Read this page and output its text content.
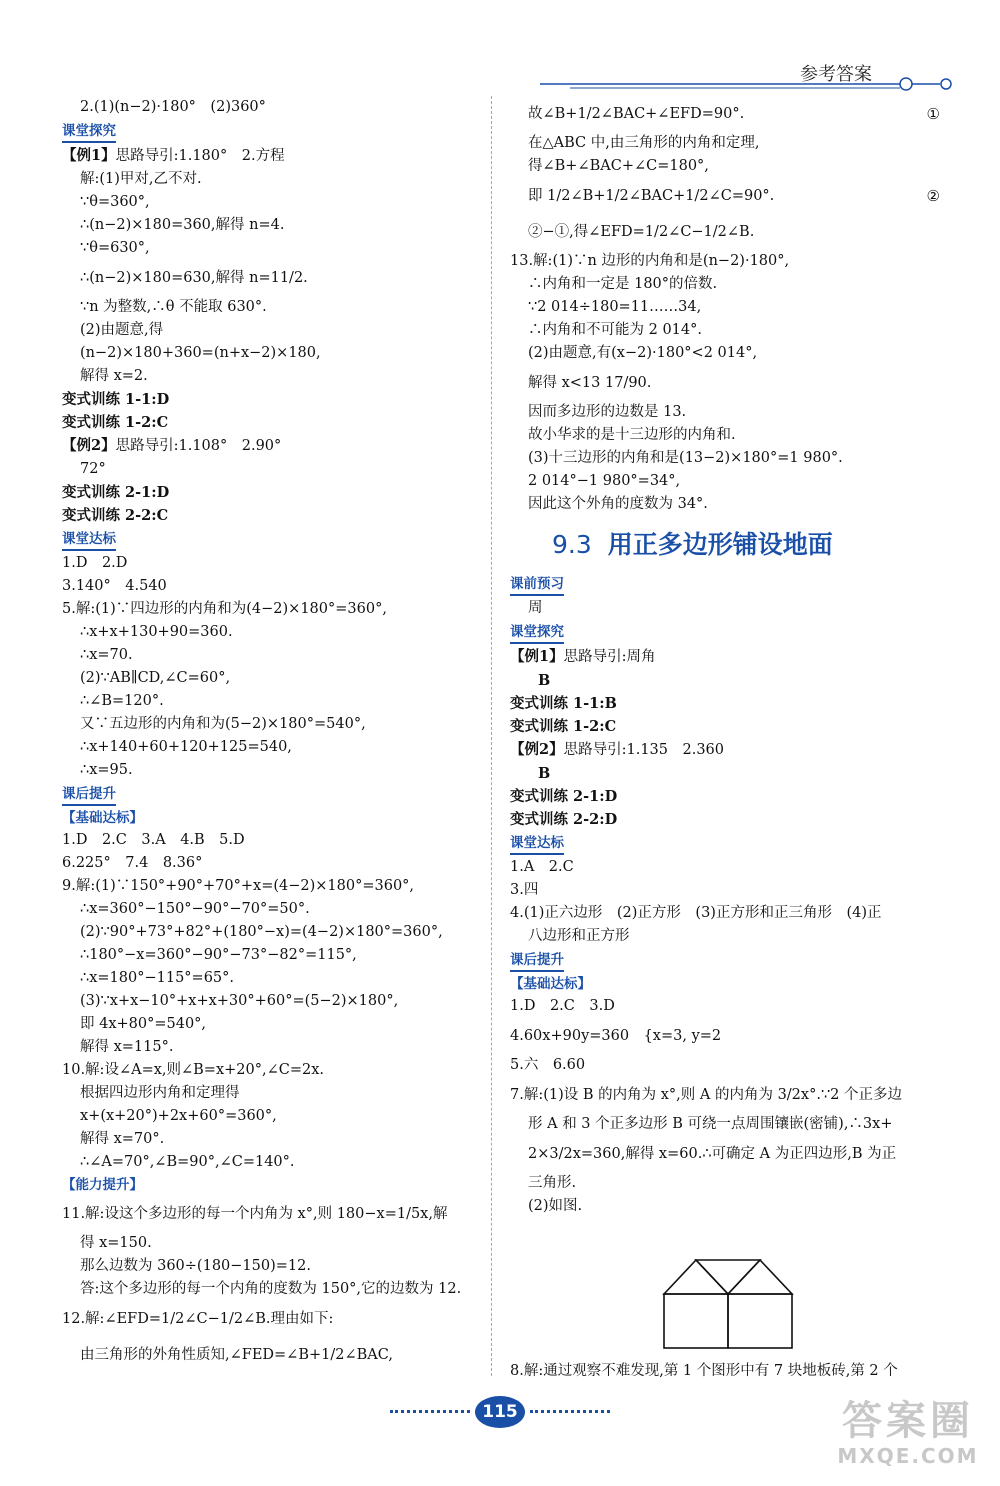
参考答案
2.(1)(n−2)·180°　(2)360°
课堂探究
【例1】思路导引:1.180°　2.方程
解:(1)甲对,乙不对.
∵θ=360°,
∴(n−2)×180=360,解得 n=4.
∵θ=630°,
∴(n−2)×180=630,解得 n=11/2.
∵n 为整数,∴θ 不能取 630°.
(2)由题意,得
(n−2)×180+360=(n+x−2)×180,
解得 x=2.
变式训练 1-1:D
变式训练 1-2:C
【例2】思路导引:1.108°　2.90°
72°
变式训练 2-1:D
变式训练 2-2:C
课堂达标
1.D　2.D
3.140°　4.540
5.解:(1)∵四边形的内角和为(4−2)×180°=360°,
∴x+x+130+90=360.
∴x=70.
(2)∵AB∥CD,∠C=60°,
∴∠B=120°.
又∵五边形的内角和为(5−2)×180°=540°,
∴x+140+60+120+125=540,
∴x=95.
课后提升
【基础达标】
1.D　2.C　3.A　4.B　5.D
6.225°　7.4　8.36°
9.解:(1)∵150°+90°+70°+x=(4−2)×180°=360°,
∴x=360°−150°−90°−70°=50°.
(2)∵90°+73°+82°+(180°−x)=(4−2)×180°=360°,
∴180°−x=360°−90°−73°−82°=115°,
∴x=180°−115°=65°.
(3)∵x+x−10°+x+x+30°+60°=(5−2)×180°,
即 4x+80°=540°,
解得 x=115°.
10.解:设∠A=x,则∠B=x+20°,∠C=2x.
根据四边形内角和定理得
x+(x+20°)+2x+60°=360°,
解得 x=70°.
∴∠A=70°,∠B=90°,∠C=140°.
【能力提升】
11.解:设这个多边形的每一个内角为 x°,则 180−x=1/5x,解
得 x=150.
那么边数为 360÷(180−150)=12.
答:这个多边形的每一个内角的度数为 150°,它的边数为 12.
12.解:∠EFD=1/2∠C−1/2∠B.理由如下:
由三角形的外角性质知,∠FED=∠B+1/2∠BAC,
故∠B+1/2∠BAC+∠EFD=90°.	①
在△ABC 中,由三角形的内角和定理,
得∠B+∠BAC+∠C=180°,
即 1/2∠B+1/2∠BAC+1/2∠C=90°.	②
②−①,得∠EFD=1/2∠C−1/2∠B.
13.解:(1)∵n 边形的内角和是(n−2)·180°,
∴内角和一定是 180°的倍数.
∵2 014÷180=11……34,
∴内角和不可能为 2 014°.
(2)由题意,有(x−2)·180°<2 014°,
解得 x<13 17/90.
因而多边形的边数是 13.
故小华求的是十三边形的内角和.
(3)十三边形的内角和是(13−2)×180°=1 980°.
2 014°−1 980°=34°,
因此这个外角的度数为 34°.
9.3 用正多边形铺设地面
课前预习
周
课堂探究
【例1】思路导引:周角
B
变式训练 1-1:B
变式训练 1-2:C
【例2】思路导引:1.135　2.360
B
变式训练 2-1:D
变式训练 2-2:D
课堂达标
1.A　2.C
3.四
4.(1)正六边形　(2)正方形　(3)正方形和正三角形　(4)正
八边形和正方形
课后提升
【基础达标】
1.D　2.C　3.D
4.60x+90y=360　{x=3, y=2
5.六　6.60
7.解:(1)设 B 的内角为 x°,则 A 的内角为 3/2x°.∵2 个正多边
形 A 和 3 个正多边形 B 可绕一点周围镶嵌(密铺),∴3x+
2×3/2x=360,解得 x=60.∴可确定 A 为正四边形,B 为正
三角形.
(2)如图.
8.解:通过观察不难发现,第 1 个图形中有 7 块地板砖,第 2 个
115	答案圈
MXQE.COM
